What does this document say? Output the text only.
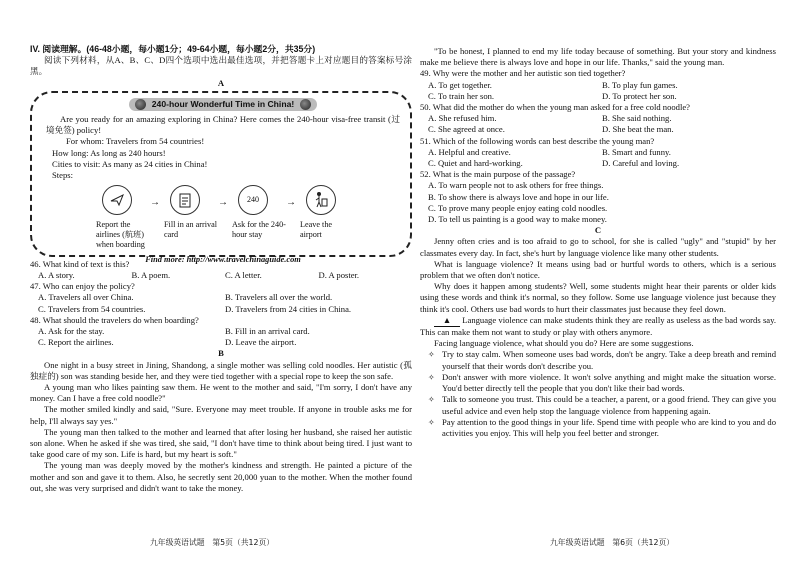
IV. 阅读理解。(46-48小题，每小题1分；49-64小题，每小题2分，共35分)

阅读下列材料，从A、B、C、D四个选项中选出最佳选项，并把答题卡上对应题目的答案标号涂黑。

A

240-hour Wonderful Time in China!

Are you ready for an amazing exploring in China? Here comes the 240-hour visa-free transit (过境免签) policy!

For whom: Travelers from 54 countries!

How long: As long as 240 hours!

Cities to visit: As many as 24 cities in China!

Steps:

Report the airlines (航班) when boarding
→
Fill in an arrival card
→	240
Ask for the 240-hour stay
→
Leave the airport

Find more: http://www.travelchinaguide.com

46. What kind of text is this?

A. A story.	B. A poem.	C. A letter.	D. A poster.

47. Who can enjoy the policy?

A. Travelers all over China.	B. Travelers all over the world.
C. Travelers from 54 countries.	D. Travelers from 24 cities in China.

48. What should the travelers do when boarding?

A. Ask for the stay.	B. Fill in an arrival card.
C. Report the airlines.	D. Leave the airport.

B

One night in a busy street in Jining, Shandong, a single mother was selling cold noodles. Her autistic (孤独症的) son was standing beside her, and they were tied together with a special rope to keep the son safe.

A young man who likes painting saw them. He went to the mother and said, "I'm sorry, I don't have any money. Can I have a free cold noodle?"

The mother smiled kindly and said, "Sure. Everyone may meet trouble. If anyone in trouble asks me for help, I'll always say yes."

The young man then talked to the mother and learned that after losing her husband, she raised her autistic son alone. When he asked if she was tired, she said, "I don't have time to think about being tired. I just want to take good care of my son. Life is hard, but my heart is soft."

The young man was deeply moved by the mother's kindness and strength. He painted a picture of the mother and son and gave it to them. Also, he secretly sent 20,000 yuan to the mother. When the mother found out, she was very surprised and didn't want to take the money.

"To be honest, I planned to end my life today because of something. But your story and kindness make me believe there is always love and hope in our life. Thanks," said the young man.

49. Why were the mother and her autistic son tied together?

A. To get together.	B. To play fun games.
C. To train her son.	D. To protect her son.

50. What did the mother do when the young man asked for a free cold noodle?

A. She refused him.	B. She said nothing.
C. She agreed at once.	D. She beat the man.

51. Which of the following words can best describe the young man?

A. Helpful and creative.	B. Smart and funny.
C. Quiet and hard-working.	D. Careful and loving.

52. What is the main purpose of the passage?

A. To warn people not to ask others for free things.

B. To show there is always love and hope in our life.

C. To prove many people enjoy eating cold noodles.

D. To tell us painting is a good way to make money.

C

Jenny often cries and is too afraid to go to school, for she is called "ugly" and "stupid" by her classmates every day. In fact, she's hurt by language violence like many other students.

What is language violence? It means using bad or hurtful words to others, which is a serious problem that we often don't notice.

Why does it happen among students? Well, some students might hear their parents or older kids using these words and think it's normal, so they follow. Some use language violence just because they think it's cool. Others use bad words to hurt their classmates just because they feel down.

▲ Language violence can make students think they are really as useless as the bad words say. This can make them not want to study or play with others anymore.

Facing language violence, what should you do? Here are some suggestions.

✧ Try to stay calm. When someone uses bad words, don't be angry. Take a deep breath and remind yourself that their words don't describe you.
✧ Don't answer with more violence. It won't solve anything and might make the situation worse. You'd better directly tell the people that you don't like their bad words.
✧ Talk to someone you trust. This could be a teacher, a parent, or a good friend. They can give you useful advice and even help stop the language violence from happening again.
✧ Pay attention to the good things in your life. Spend time with people who are kind to you and do activities you enjoy. This will help you feel better and stronger.
九年级英语试题　第5页（共12页）	九年级英语试题　第6页（共12页）
